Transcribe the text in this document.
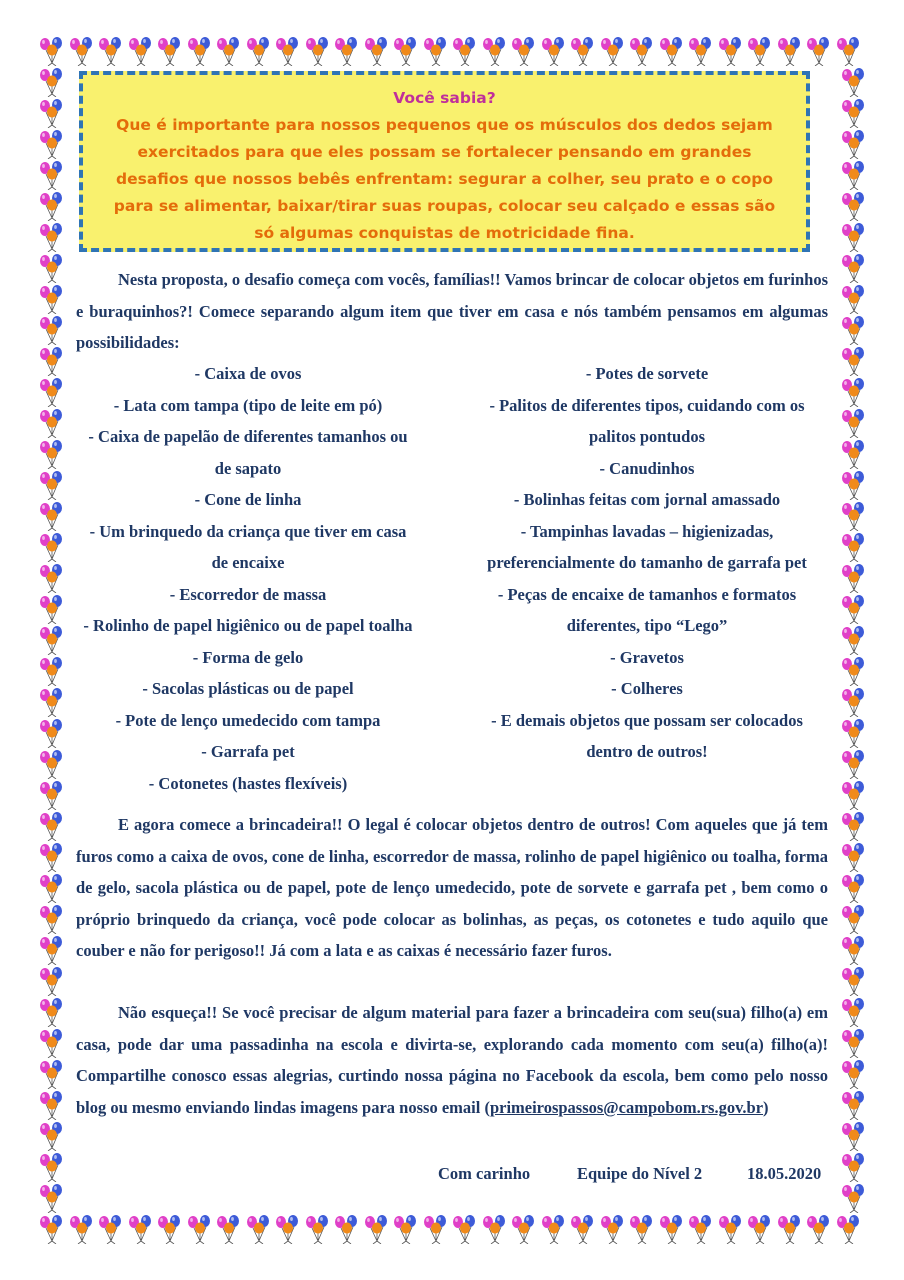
Você sabia?
Que é importante para nossos pequenos que os músculos dos dedos sejam
exercitados para que eles possam se fortalecer pensando em grandes
desafios que nossos bebês enfrentam: segurar a colher, seu prato e o copo
para se alimentar, baixar/tirar suas roupas, colocar seu calçado e essas são
só algumas conquistas de motricidade fina.
Nesta proposta, o desafio começa com vocês, famílias!! Vamos brincar de colocar objetos em furinhos e buraquinhos?! Comece separando algum item que tiver em casa e nós também pensamos em algumas possibilidades:
- Caixa de ovos
- Lata com tampa (tipo de leite em pó)
- Caixa de papelão de diferentes tamanhos ou
de sapato
- Cone de linha
- Um brinquedo da criança que tiver em casa
de encaixe
- Escorredor de massa
- Rolinho de papel higiênico ou de papel toalha
- Forma de gelo
- Sacolas plásticas ou de papel
- Pote de lenço umedecido com tampa
- Garrafa pet
- Cotonetes (hastes flexíveis)
- Potes de sorvete
- Palitos de diferentes tipos, cuidando com os
palitos pontudos
- Canudinhos
- Bolinhas feitas com jornal amassado
- Tampinhas lavadas – higienizadas,
preferencialmente do tamanho de garrafa pet
- Peças de encaixe de tamanhos e formatos
diferentes, tipo “Lego”
- Gravetos
- Colheres
- E demais objetos que possam ser colocados
dentro de outros!
E agora comece a brincadeira!! O legal é colocar objetos dentro de outros! Com aqueles que já tem furos como a caixa de ovos, cone de linha, escorredor de massa, rolinho de papel higiênico ou toalha, forma de gelo, sacola plástica ou de papel, pote de lenço umedecido, pote de sorvete e garrafa pet , bem como o próprio brinquedo da criança, você pode colocar as bolinhas, as peças, os cotonetes e tudo aquilo que couber e não for perigoso!! Já com a lata e as caixas é necessário fazer furos.
Não esqueça!! Se você precisar de algum material para fazer a brincadeira com seu(sua) filho(a) em casa, pode dar uma passadinha na escola e divirta-se, explorando cada momento com seu(a) filho(a)! Compartilhe conosco essas alegrias, curtindo nossa página no Facebook da escola, bem como pelo nosso blog ou mesmo enviando lindas imagens para nosso email (primeirospassos@campobom.rs.gov.br)
Com carinho	Equipe do Nível 2	18.05.2020
